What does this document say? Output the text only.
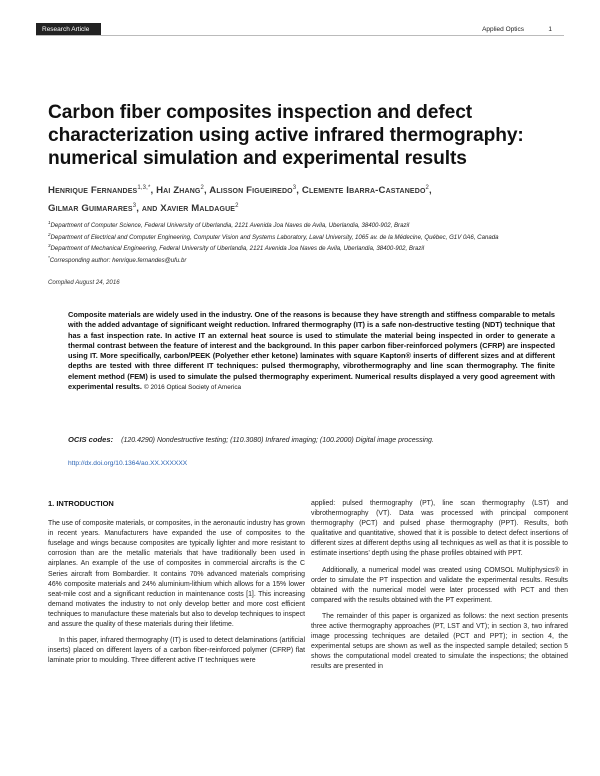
Research Article	Applied Optics	1
Carbon fiber composites inspection and defect characterization using active infrared thermography: numerical simulation and experimental results
Henrique Fernandes$^{1,3,*}$, Hai Zhang$^2$, Alisson Figueiredo$^3$, Clemente Ibarra-Castanedo$^2$,
Gilmar Guimarares$^3$, and Xavier Maldague$^2$
$^1$Department of Computer Science, Federal University of Uberlandia, 2121 Avenida Joa Naves de Avila, Uberlandia, 38400-902, Brazil
$^2$Department of Electrical and Computer Engineering, Computer Vision and Systems Laboratory, Laval University, 1065 av. de la Médecine, Québec, G1V 0A6, Canada
$^3$Department of Mechanical Engineering, Federal University of Uberlandia, 2121 Avenida Joa Naves de Avila, Uberlandia, 38400-902, Brazil
*Corresponding author: henrique.fernandes@ufu.br
Compiled August 24, 2016
Composite materials are widely used in the industry. One of the reasons is because they have strength and stiffness comparable to metals with the added advantage of significant weight reduction. Infrared thermography (IT) is a safe non-destructive testing (NDT) technique that has a fast inspection rate. In active IT an external heat source is used to stimulate the material being inspected in order to generate a thermal contrast between the feature of interest and the background. In this paper carbon fiber-reinforced polymers (CFRP) are inspected using IT. More specifically, carbon/PEEK (Polyether ether ketone) laminates with square Kapton® inserts of different sizes and at different depths are tested with three different IT techniques: pulsed thermography, vibrothermography and line scan thermography. The finite element method (FEM) is used to simulate the pulsed thermography experiment. Numerical results displayed a very good agreement with experimental results. © 2016 Optical Society of America
OCIS codes: (120.4290) Nondestructive testing; (110.3080) Infrared imaging; (100.2000) Digital image processing.
http://dx.doi.org/10.1364/ao.XX.XXXXXX
1. INTRODUCTION

The use of composite materials, or composites, in the aeronautic industry has grown in recent years. Manufacturers have expanded the use of composites to the fuselage and wings because composites are typically lighter and more resistant to corrosion than are the metallic materials that have traditionally been used in airplanes. An example of the use of composites in commercial aircrafts is the C Series aircraft from Bombardier. It contains 70% advanced materials comprising 46% composite materials and 24% aluminium-lithium which allows for a 15% lower seat-mile cost and a significant reduction in maintenance costs [1]. This increasing demand motivates the industry to not only develop better and more cost efficient techniques to manufacture these materials but also to develop techniques to inspect and assure the quality of these materials during their lifetime.

In this paper, infrared thermography (IT) is used to detect delaminations (artificial inserts) placed on different layers of a carbon fiber-reinforced polymer (CFRP) flat laminate prior to moulding. Three different active IT techniques were

applied: pulsed thermography (PT), line scan thermography (LST) and vibrothermography (VT). Data was processed with principal component thermography (PCT) and pulsed phase thermography (PPT). Results, both qualitative and quantitative, showed that it is possible to detect defect insertions of different sizes at different depths using all techniques as well as that it is possible to estimate insertions' depth using the phase profiles obtained with PPT.

Additionally, a numerical model was created using COMSOL Multiphysics® in order to simulate the PT inspection and validate the experimental results. Results obtained with the numerical model were later processed with PCT and then compared with the results obtained with the PT experiment.

The remainder of this paper is organized as follows: the next section presents three active thermography approaches (PT, LST and VT); in section 3, two infrared image processing techniques are detailed (PCT and PPT); in section 4, the experimental setups are shown as well as the inspected sample detailed; section 5 shows the computational model created to simulate the inspections; the obtained results are presented in
